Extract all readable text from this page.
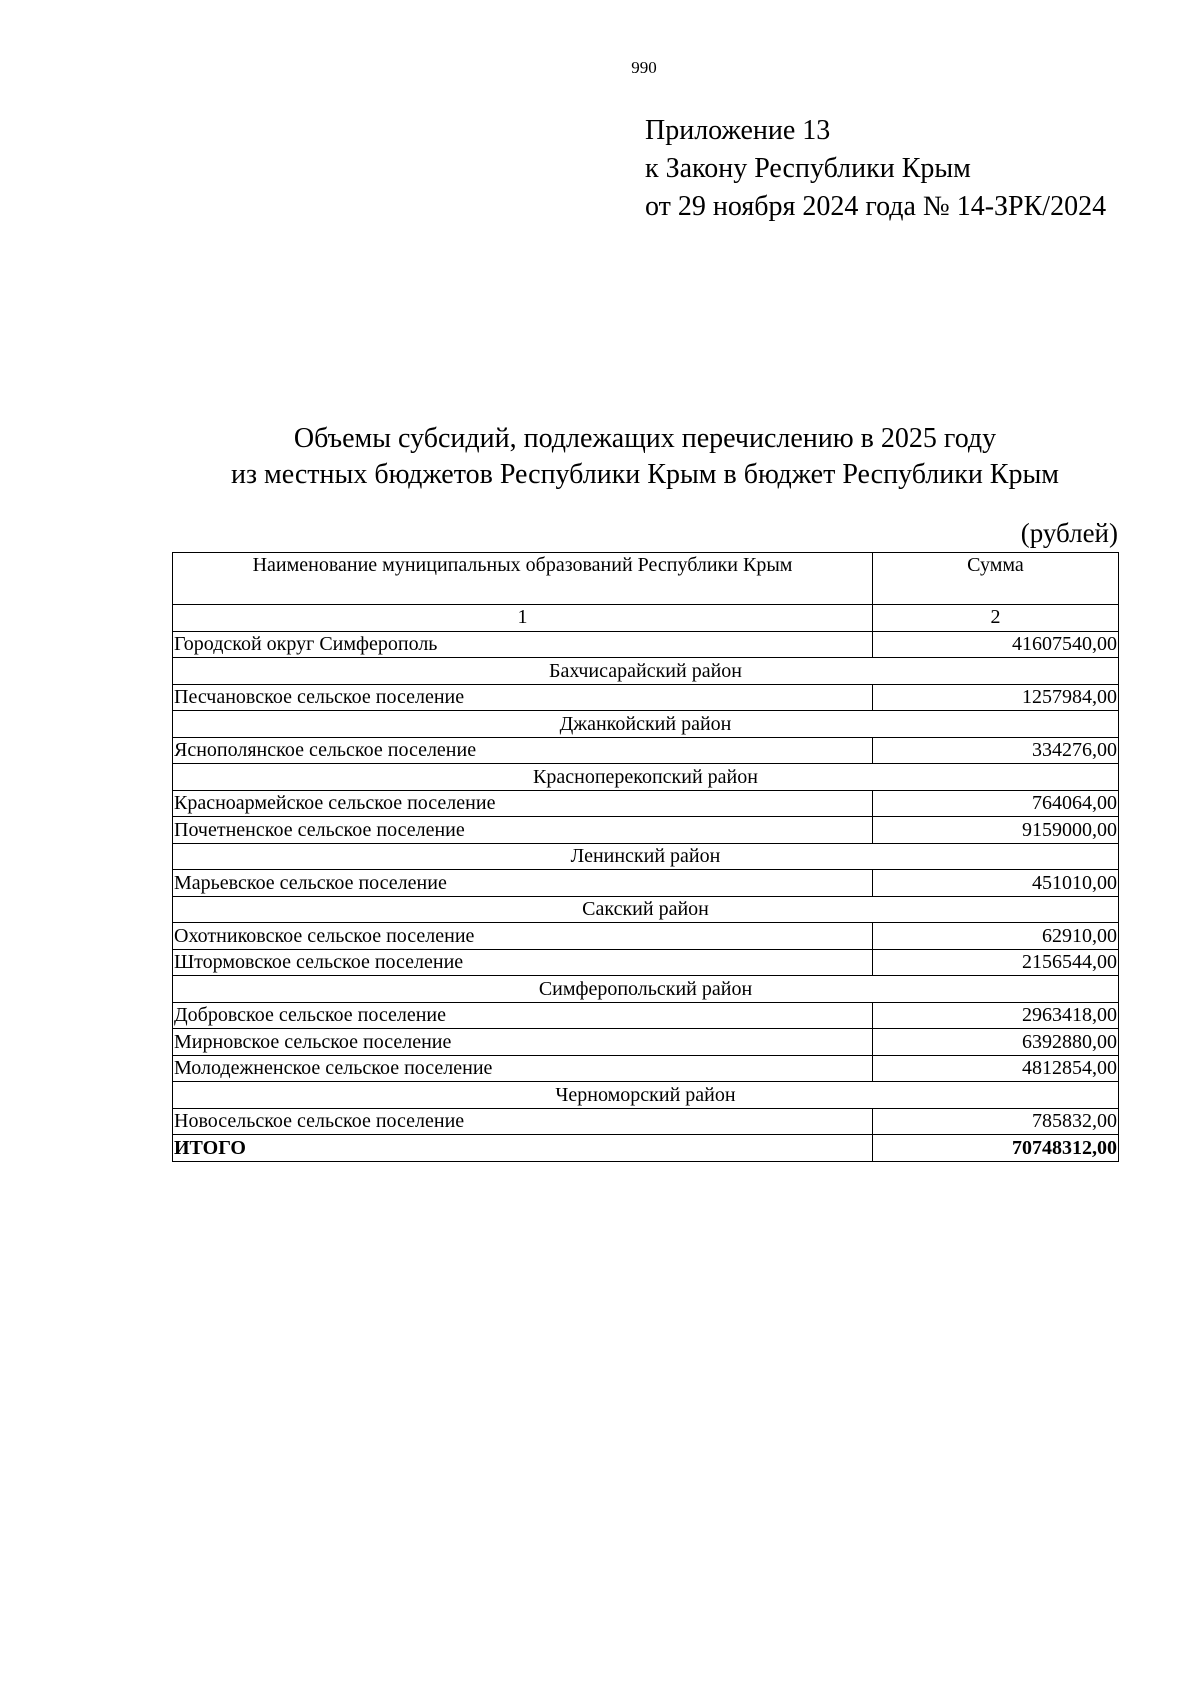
990
Приложение 13
к Закону Республики Крым
от 29 ноября 2024 года № 14-ЗРК/2024
Объемы субсидий, подлежащих перечислению в 2025 году
из местных бюджетов Республики Крым в бюджет Республики Крым
(рублей)
Наименование муниципальных образований Республики Крым	Сумма
1	2
Городской округ Симферополь	41607540,00
Бахчисарайский район	
Песчановское сельское поселение	1257984,00
Джанкойский район	
Яснополянское сельское поселение	334276,00
Красноперекопский район	
Красноармейское сельское поселение	764064,00
Почетненское сельское поселение	9159000,00
Ленинский район	
Марьевское сельское поселение	451010,00
Сакский район	
Охотниковское сельское поселение	62910,00
Штормовское сельское поселение	2156544,00
Симферопольский район	
Добровское сельское поселение	2963418,00
Мирновское сельское поселение	6392880,00
Молодежненское сельское поселение	4812854,00
Черноморский район	
Новосельское сельское поселение	785832,00
ИТОГО	70748312,00
